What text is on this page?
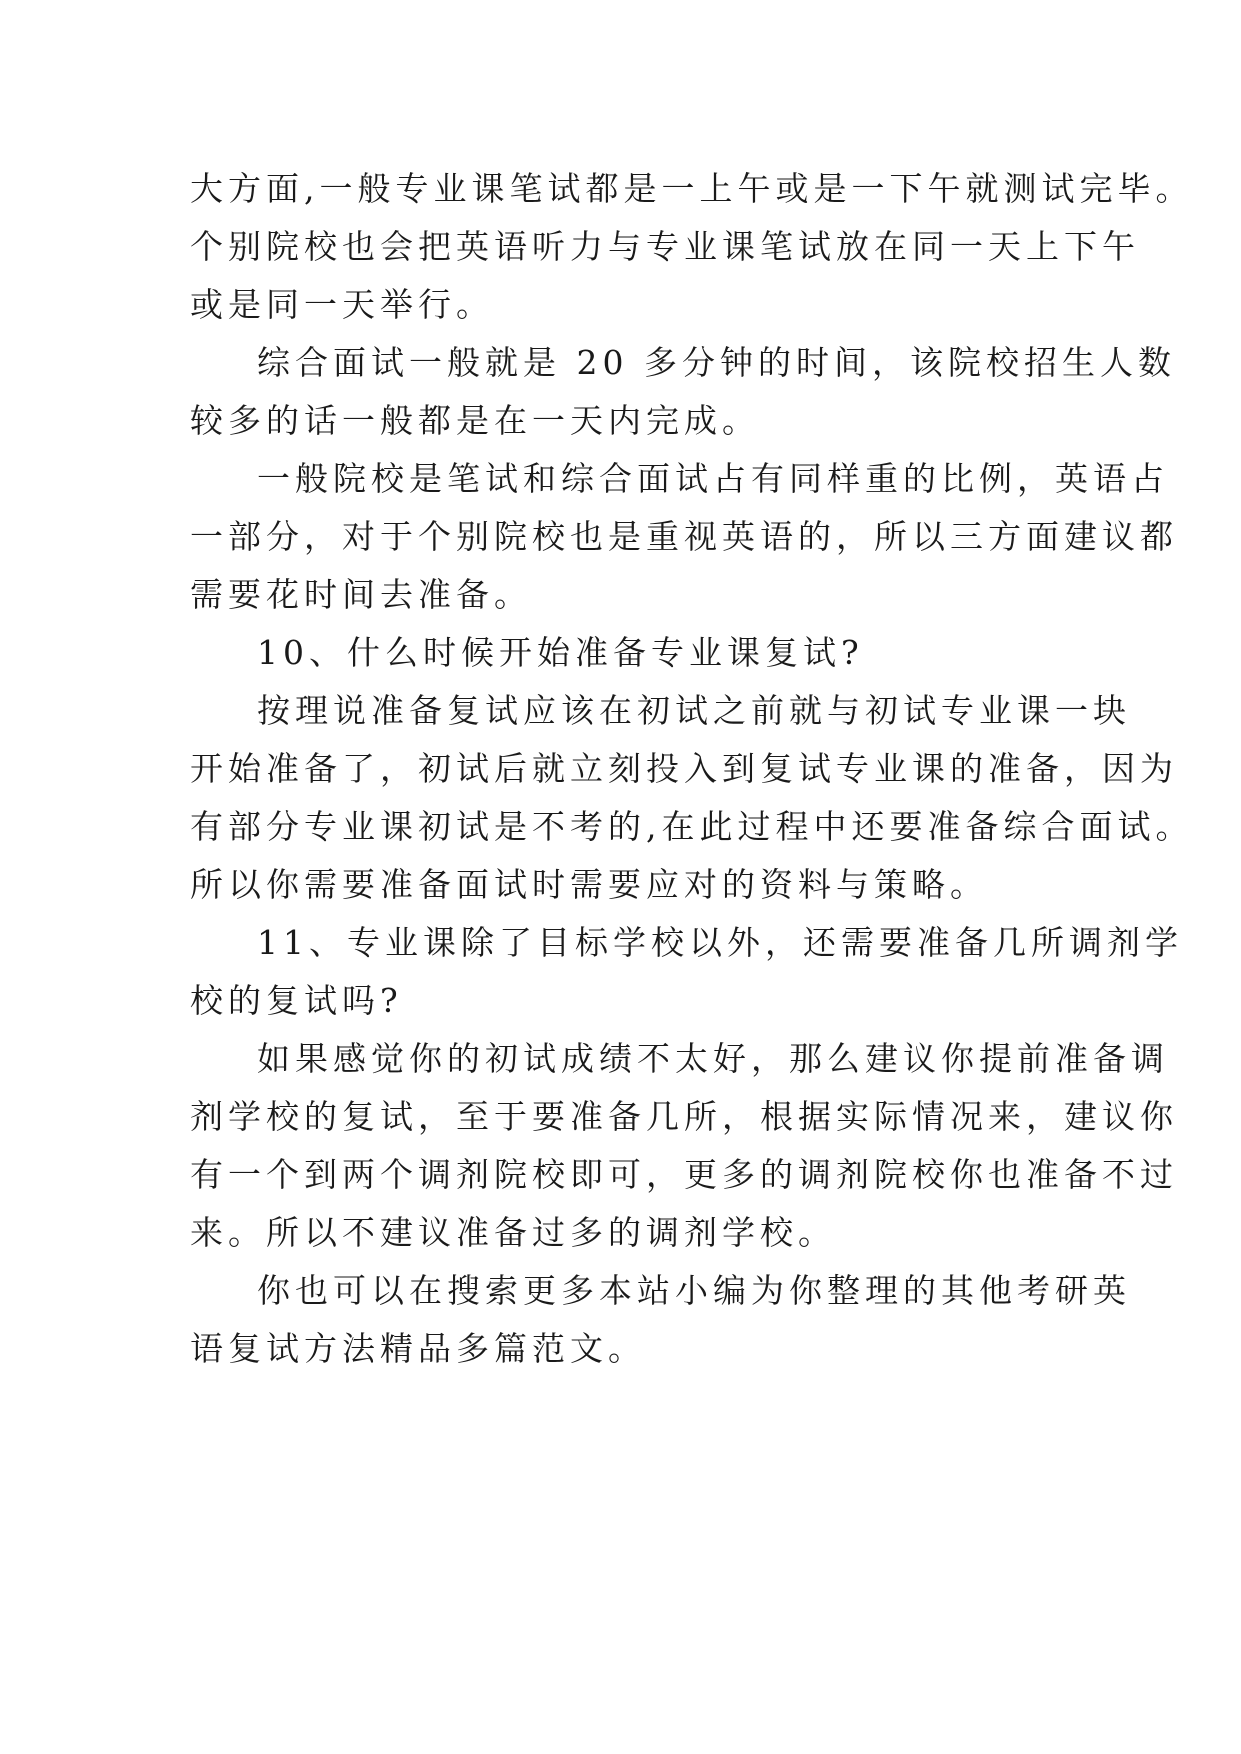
大方面,一般专业课笔试都是一上午或是一下午就测试完毕。
个别院校也会把英语听力与专业课笔试放在同一天上下午
或是同一天举行。
综合面试一般就是 20 多分钟的时间，该院校招生人数
较多的话一般都是在一天内完成。
一般院校是笔试和综合面试占有同样重的比例，英语占
一部分，对于个别院校也是重视英语的，所以三方面建议都
需要花时间去准备。
10、什么时候开始准备专业课复试?
按理说准备复试应该在初试之前就与初试专业课一块
开始准备了，初试后就立刻投入到复试专业课的准备，因为
有部分专业课初试是不考的,在此过程中还要准备综合面试。
所以你需要准备面试时需要应对的资料与策略。
11、专业课除了目标学校以外，还需要准备几所调剂学
校的复试吗?
如果感觉你的初试成绩不太好，那么建议你提前准备调
剂学校的复试，至于要准备几所，根据实际情况来，建议你
有一个到两个调剂院校即可，更多的调剂院校你也准备不过
来。所以不建议准备过多的调剂学校。
你也可以在搜索更多本站小编为你整理的其他考研英
语复试方法精品多篇范文。
